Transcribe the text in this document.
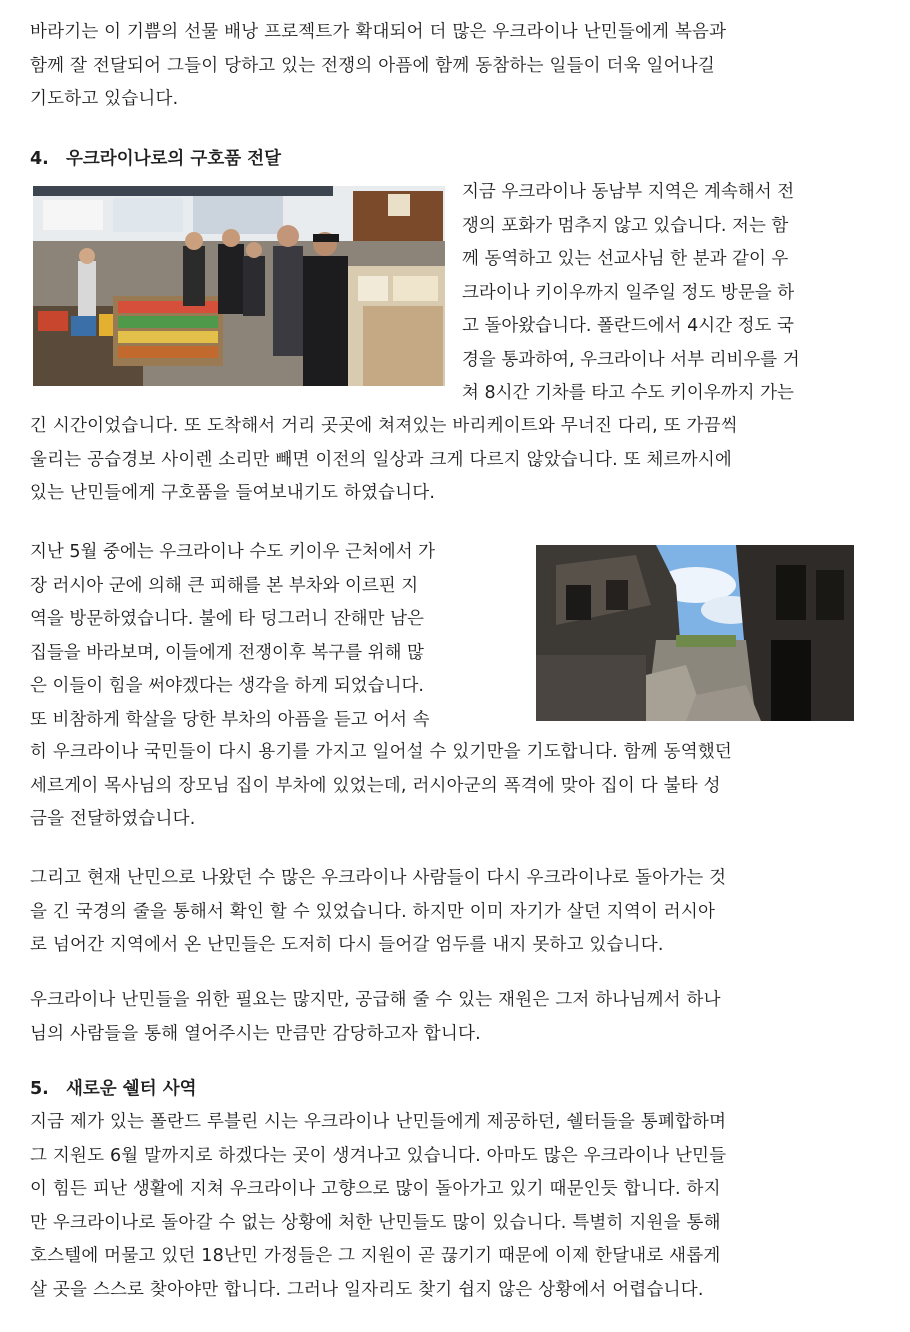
바라기는 이 기쁨의 선물 배낭 프로젝트가 확대되어 더 많은 우크라이나 난민들에게 복음과
함께 잘 전달되어 그들이 당하고 있는 전쟁의 아픔에 함께 동참하는 일들이 더욱 일어나길
기도하고 있습니다.

4. 우크라이나로의 구호품 전달

지금 우크라이나 동남부 지역은 계속해서 전
쟁의 포화가 멈추지 않고 있습니다. 저는 함
께 동역하고 있는 선교사님 한 분과 같이 우
크라이나 키이우까지 일주일 정도 방문을 하
고 돌아왔습니다. 폴란드에서 4시간 정도 국
경을 통과하여, 우크라이나 서부 리비우를 거
쳐 8시간 기차를 타고 수도 키이우까지 가는

긴 시간이었습니다. 또 도착해서 거리 곳곳에 쳐져있는 바리케이트와 무너진 다리, 또 가끔씩
울리는 공습경보 사이렌 소리만 빼면 이전의 일상과 크게 다르지 않았습니다. 또 체르까시에
있는 난민들에게 구호품을 들여보내기도 하였습니다.

지난 5월 중에는 우크라이나 수도 키이우 근처에서 가
장 러시아 군에 의해 큰 피해를 본 부차와 이르핀 지
역을 방문하였습니다. 불에 타 덩그러니 잔해만 남은
집들을 바라보며, 이들에게 전쟁이후 복구를 위해 많
은 이들이 힘을 써야겠다는 생각을 하게 되었습니다.
또 비참하게 학살을 당한 부차의 아픔을 듣고 어서 속

히 우크라이나 국민들이 다시 용기를 가지고 일어설 수 있기만을 기도합니다. 함께 동역했던
세르게이 목사님의 장모님 집이 부차에 있었는데, 러시아군의 폭격에 맞아 집이 다 불타 성
금을 전달하였습니다.

그리고 현재 난민으로 나왔던 수 많은 우크라이나 사람들이 다시 우크라이나로 돌아가는 것
을 긴 국경의 줄을 통해서 확인 할 수 있었습니다. 하지만 이미 자기가 살던 지역이 러시아
로 넘어간 지역에서 온 난민들은 도저히 다시 들어갈 엄두를 내지 못하고 있습니다.

우크라이나 난민들을 위한 필요는 많지만, 공급해 줄 수 있는 재원은 그저 하나님께서 하나
님의 사람들을 통해 열어주시는 만큼만 감당하고자 합니다.

5. 새로운 쉘터 사역

지금 제가 있는 폴란드 루블린 시는 우크라이나 난민들에게 제공하던, 쉘터들을 통폐합하며
그 지원도 6월 말까지로 하겠다는 곳이 생겨나고 있습니다. 아마도 많은 우크라이나 난민들
이 힘든 피난 생활에 지쳐 우크라이나 고향으로 많이 돌아가고 있기 때문인듯 합니다. 하지
만 우크라이나로 돌아갈 수 없는 상황에 처한 난민들도 많이 있습니다. 특별히 지원을 통해
호스텔에 머물고 있던 18난민 가정들은 그 지원이 곧 끊기기 때문에 이제 한달내로 새롭게
살 곳을 스스로 찾아야만 합니다. 그러나 일자리도 찾기 쉽지 않은 상황에서 어렵습니다.
